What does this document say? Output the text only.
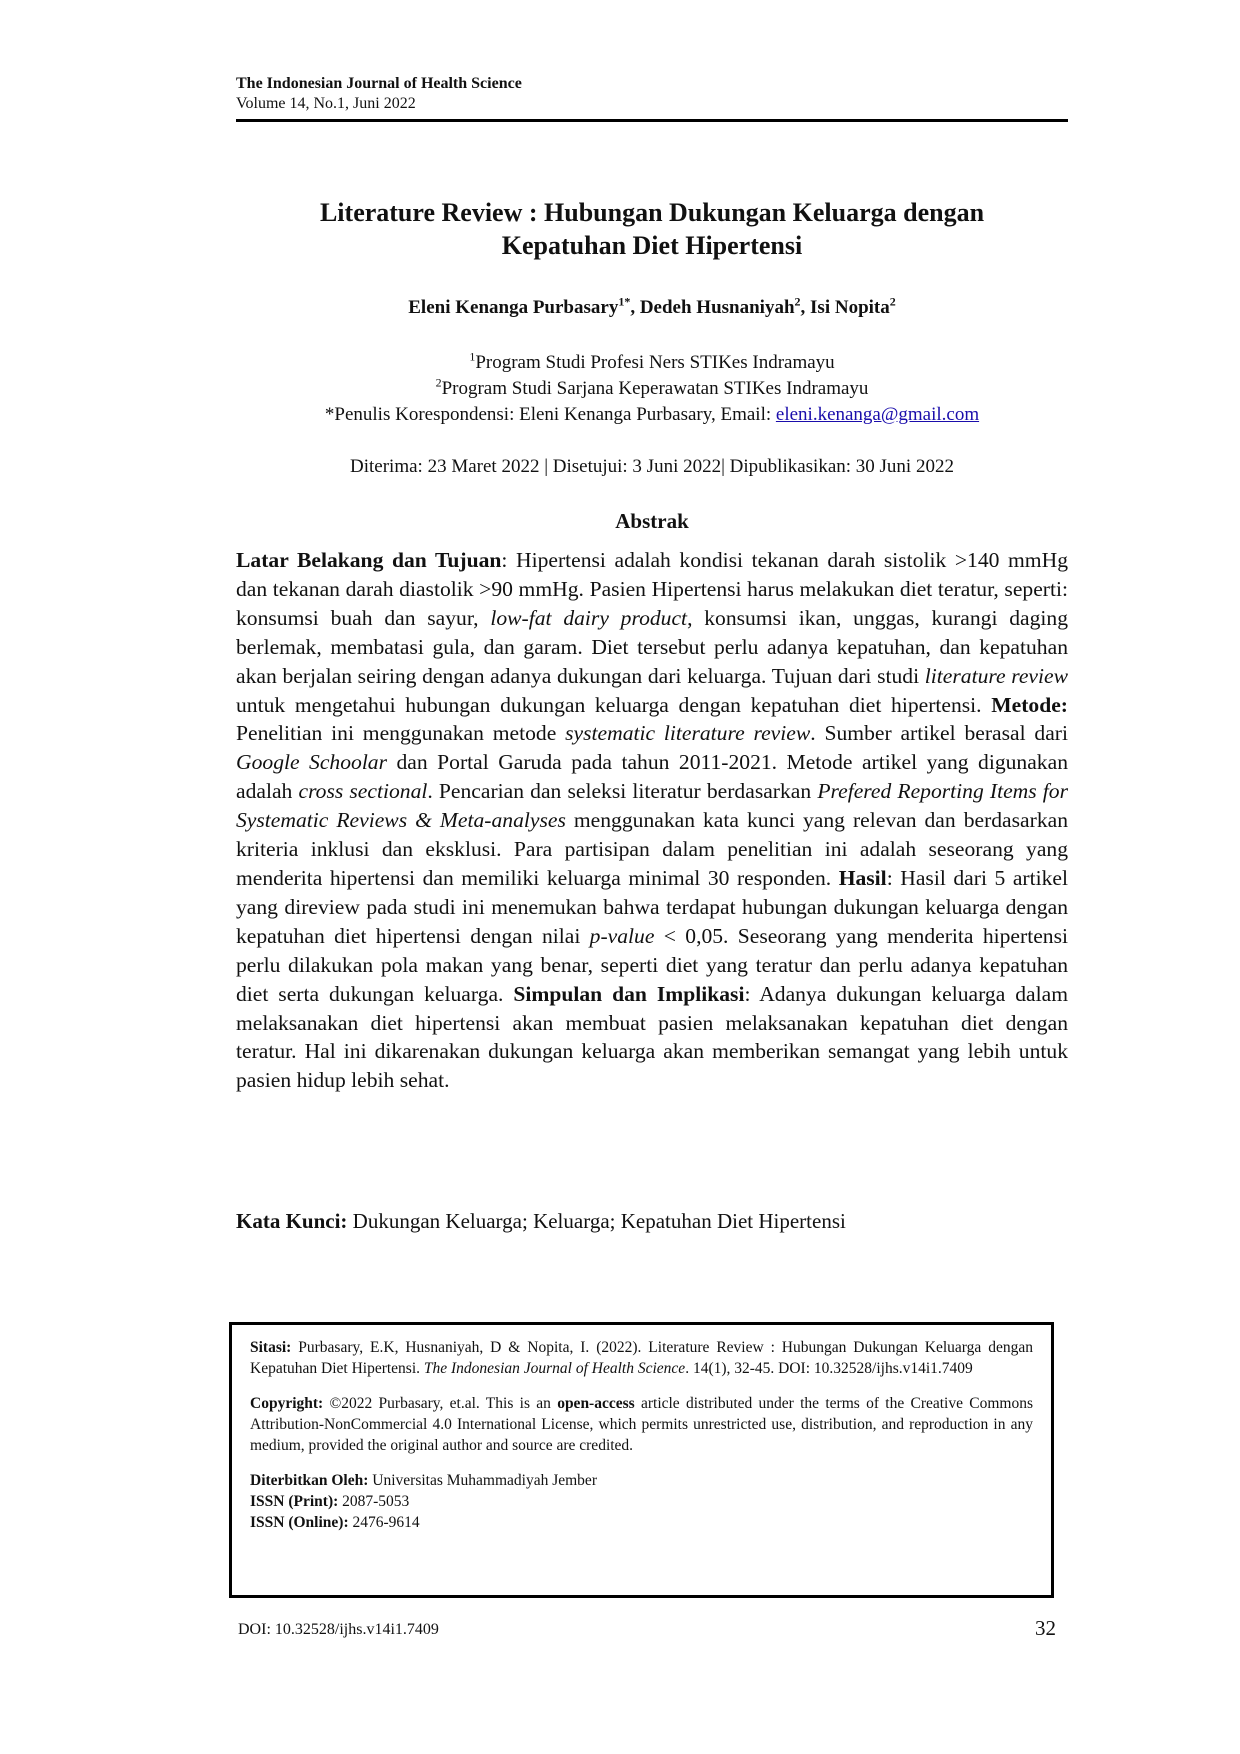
The Indonesian Journal of Health Science
Volume 14, No.1, Juni 2022
Literature Review : Hubungan Dukungan Keluarga dengan
Kepatuhan Diet Hipertensi
Eleni Kenanga Purbasary$^{1*}$, Dedeh Husnaniyah$^2$, Isi Nopita$^2$
$^1$Program Studi Profesi Ners STIKes Indramayu
$^2$Program Studi Sarjana Keperawatan STIKes Indramayu
*Penulis Korespondensi: Eleni Kenanga Purbasary, Email: eleni.kenanga@gmail.com
Diterima: 23 Maret 2022 | Disetujui: 3 Juni 2022| Dipublikasikan: 30 Juni 2022
Abstrak
Latar Belakang dan Tujuan: Hipertensi adalah kondisi tekanan darah sistolik >140 mmHg dan tekanan darah diastolik >90 mmHg. Pasien Hipertensi harus melakukan diet teratur, seperti: konsumsi buah dan sayur, low-fat dairy product, konsumsi ikan, unggas, kurangi daging berlemak, membatasi gula, dan garam. Diet tersebut perlu adanya kepatuhan, dan kepatuhan akan berjalan seiring dengan adanya dukungan dari keluarga. Tujuan dari studi literature review untuk mengetahui hubungan dukungan keluarga dengan kepatuhan diet hipertensi. Metode: Penelitian ini menggunakan metode systematic literature review. Sumber artikel berasal dari Google Schoolar dan Portal Garuda pada tahun 2011-2021. Metode artikel yang digunakan adalah cross sectional. Pencarian dan seleksi literatur berdasarkan Prefered Reporting Items for Systematic Reviews & Meta-analyses menggunakan kata kunci yang relevan dan berdasarkan kriteria inklusi dan eksklusi. Para partisipan dalam penelitian ini adalah seseorang yang menderita hipertensi dan memiliki keluarga minimal 30 responden. Hasil: Hasil dari 5 artikel yang direview pada studi ini menemukan bahwa terdapat hubungan dukungan keluarga dengan kepatuhan diet hipertensi dengan nilai p-value < 0,05. Seseorang yang menderita hipertensi perlu dilakukan pola makan yang benar, seperti diet yang teratur dan perlu adanya kepatuhan diet serta dukungan keluarga. Simpulan dan Implikasi: Adanya dukungan keluarga dalam melaksanakan diet hipertensi akan membuat pasien melaksanakan kepatuhan diet dengan teratur. Hal ini dikarenakan dukungan keluarga akan memberikan semangat yang lebih untuk pasien hidup lebih sehat.
Kata Kunci: Dukungan Keluarga; Keluarga; Kepatuhan Diet Hipertensi

Sitasi: Purbasary, E.K, Husnaniyah, D & Nopita, I. (2022). Literature Review : Hubungan Dukungan Keluarga dengan Kepatuhan Diet Hipertensi. The Indonesian Journal of Health Science. 14(1), 32-45. DOI: 10.32528/ijhs.v14i1.7409

Copyright: ©2022 Purbasary, et.al. This is an open-access article distributed under the terms of the Creative Commons Attribution-NonCommercial 4.0 International License, which permits unrestricted use, distribution, and reproduction in any medium, provided the original author and source are credited.

Diterbitkan Oleh: Universitas Muhammadiyah Jember
ISSN (Print): 2087-5053
ISSN (Online): 2476-9614

DOI: 10.32528/ijhs.v14i1.7409	32
